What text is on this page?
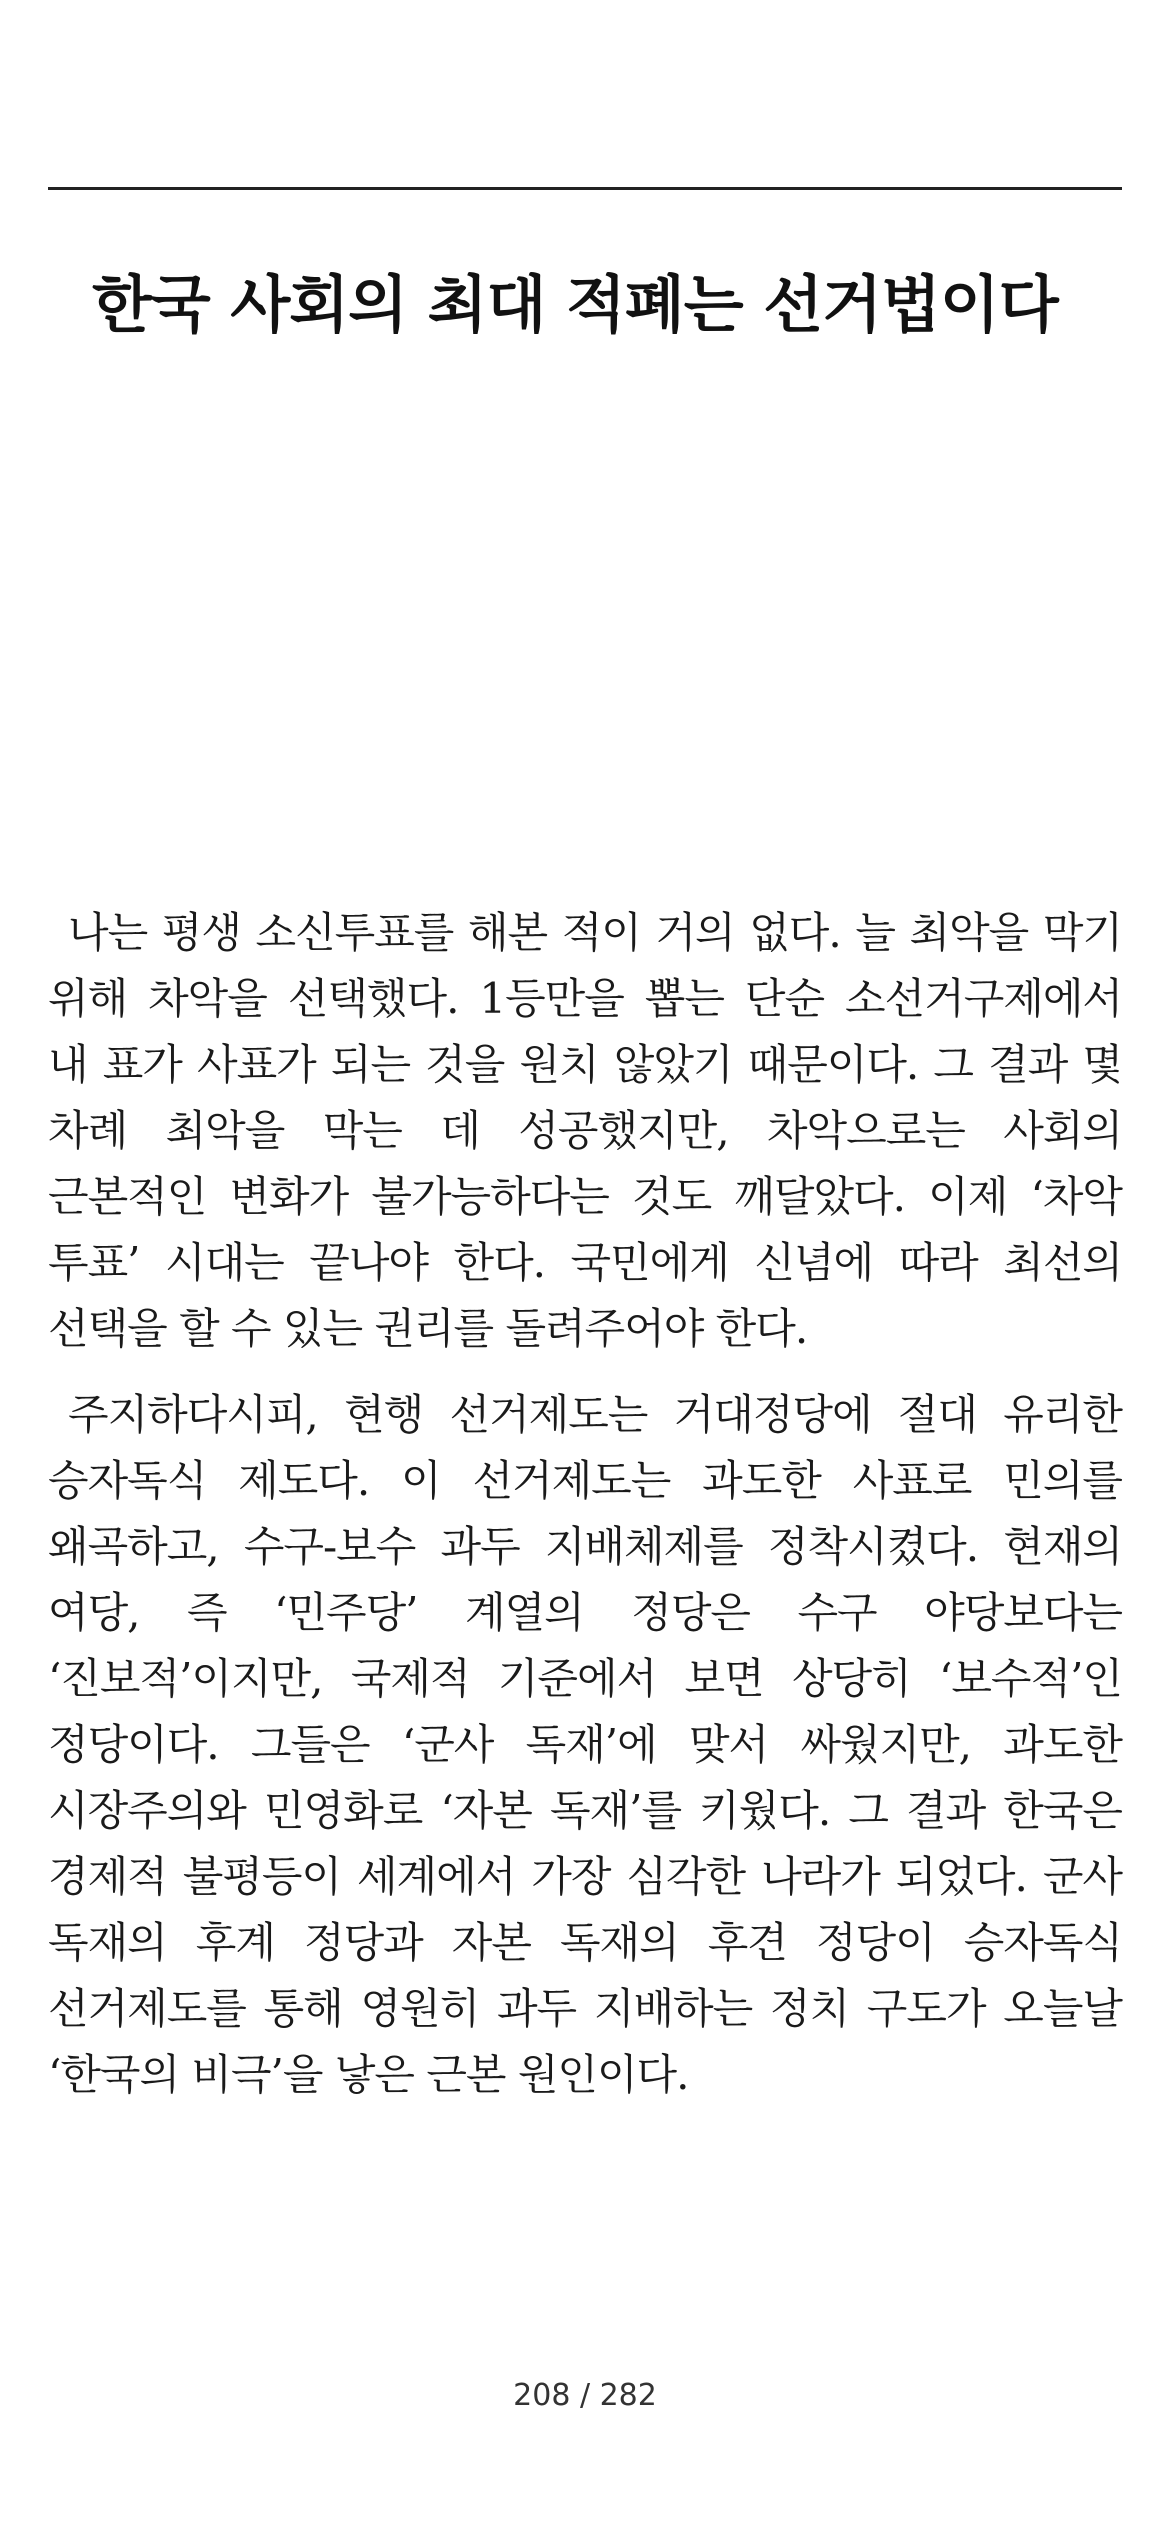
한국 사회의 최대 적폐는 선거법이다

나는 평생 소신투표를 해본 적이 거의 없다. 늘 최악을 막기 위해 차악을 선택했다. 1등만을 뽑는 단순 소선거구제에서 내 표가 사표가 되는 것을 원치 않았기 때문이다. 그 결과 몇 차례 최악을 막는 데 성공했지만, 차악으로는 사회의 근본적인 변화가 불가능하다는 것도 깨달았다. 이제 ‘차악 투표’ 시대는 끝나야 한다. 국민에게 신념에 따라 최선의 선택을 할 수 있는 권리를 돌려주어야 한다.

주지하다시피, 현행 선거제도는 거대정당에 절대 유리한 승자독식 제도다. 이 선거제도는 과도한 사표로 민의를 왜곡하고, 수구-보수 과두 지배체제를 정착시켰다. 현재의 여당, 즉 ‘민주당’ 계열의 정당은 수구 야당보다는 ‘진보적’이지만, 국제적 기준에서 보면 상당히 ‘보수적’인 정당이다. 그들은 ‘군사 독재’에 맞서 싸웠지만, 과도한 시장주의와 민영화로 ‘자본 독재’를 키웠다. 그 결과 한국은 경제적 불평등이 세계에서 가장 심각한 나라가 되었다. 군사 독재의 후계 정당과 자본 독재의 후견 정당이 승자독식 선거제도를 통해 영원히 과두 지배하는 정치 구도가 오늘날 ‘한국의 비극’을 낳은 근본 원인이다.

208 / 282
